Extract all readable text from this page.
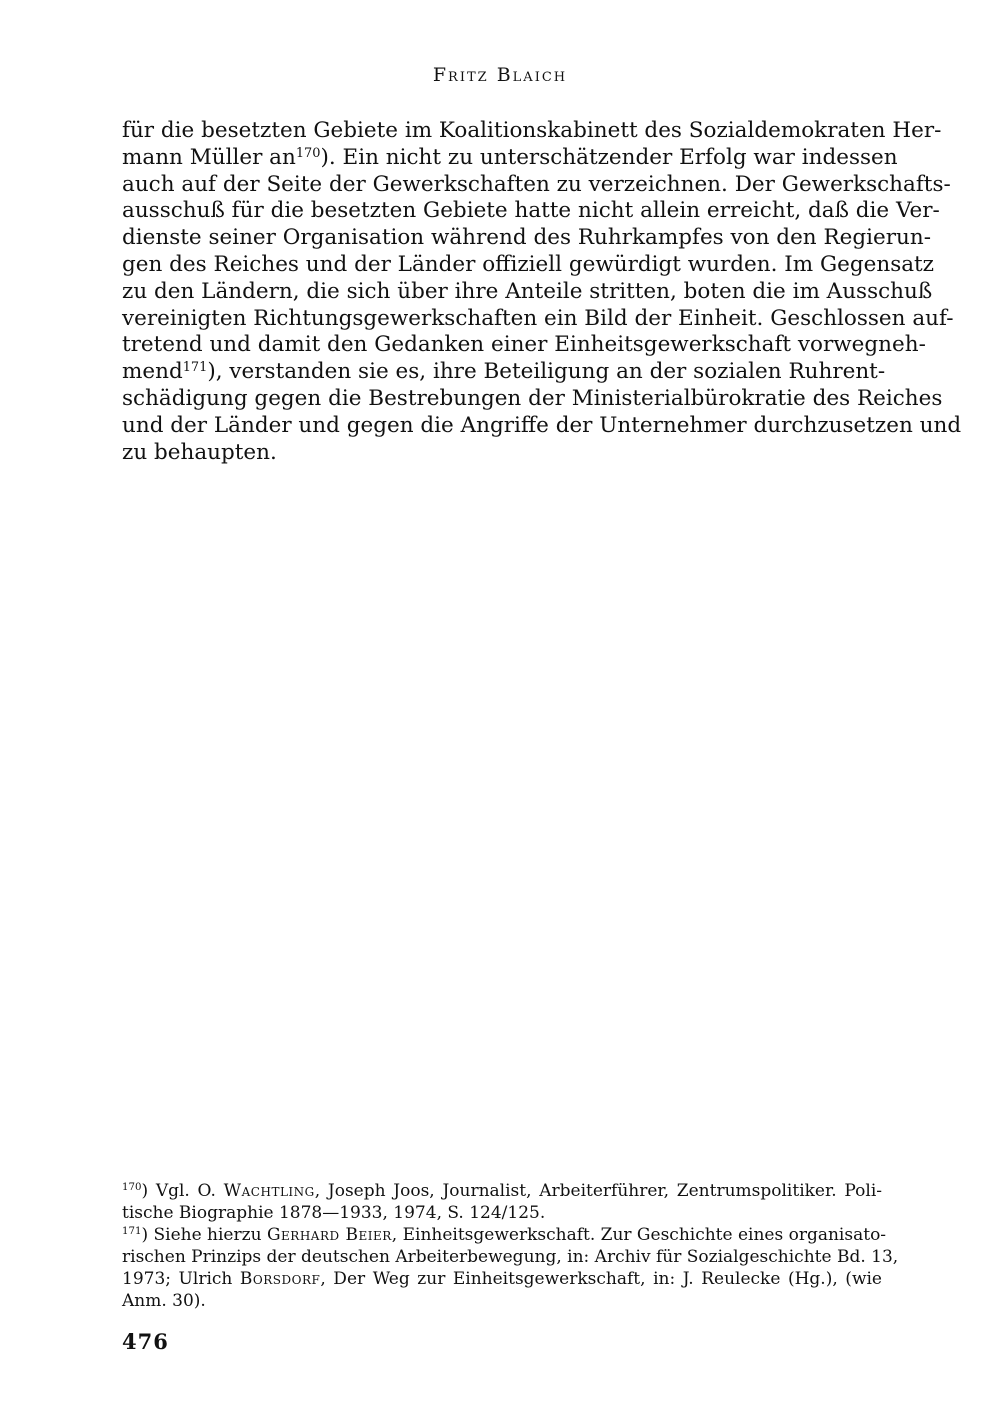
Fritz Blaich
für die besetzten Gebiete im Koalitionskabinett des Sozialdemokraten Her-
mann Müller $an^{170}$). Ein nicht zu unterschätzender Erfolg war indessen
auch auf der Seite der Gewerkschaften zu verzeichnen. Der Gewerkschafts-
ausschuß für die besetzten Gebiete hatte nicht allein erreicht, daß die Ver-
dienste seiner Organisation während des Ruhrkampfes von den Regierun-
gen des Reiches und der Länder offiziell gewürdigt wurden. Im Gegensatz
zu den Ländern, die sich über ihre Anteile stritten, boten die im Ausschuß
vereinigten Richtungsgewerkschaften ein Bild der Einheit. Geschlossen auf-
tretend und damit den Gedanken einer Einheitsgewerkschaft vorwegneh-
mend$^{171}$), verstanden sie es, ihre Beteiligung an der sozialen Ruhrent-
schädigung gegen die Bestrebungen der Ministerialbürokratie des Reiches
und der Länder und gegen die Angriffe der Unternehmer durchzusetzen und
zu behaupten.
$^{170}$) Vgl. O. Wachtling, Joseph Joos, Journalist, Arbeiterführer, Zentrumspolitiker. Poli-
tische Biographie 1878—1933, 1974, S. 124/125.
$^{171}$) Siehe hierzu Gerhard Beier, Einheitsgewerkschaft. Zur Geschichte eines organisato-
rischen Prinzips der deutschen Arbeiterbewegung, in: Archiv für Sozialgeschichte Bd. 13,
1973; Ulrich Borsdorf, Der Weg zur Einheitsgewerkschaft, in: J. Reulecke (Hg.), (wie
Anm. 30).
476
